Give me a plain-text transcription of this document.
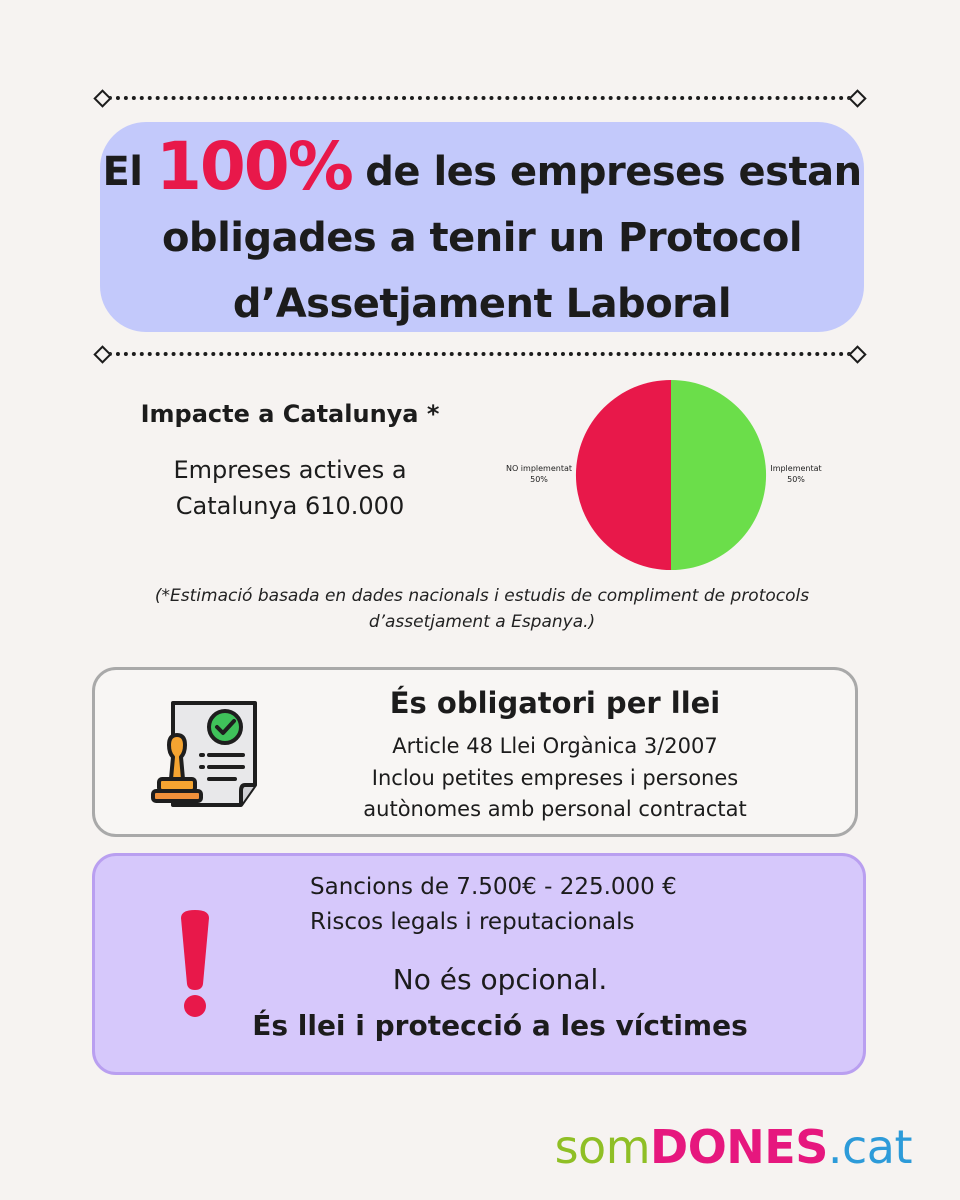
El 100% de les empreses estan
obligades a tenir un Protocol
d’Assetjament Laboral
Impacte a Catalunya *
Empreses actives a
Catalunya 610.000
NO implementat
50%
Implementat
50%
(*Estimació basada en dades nacionals i estudis de compliment de protocols
d’assetjament a Espanya.)
És obligatori per llei
Article 48 Llei Orgànica 3/2007
Inclou petites empreses i persones
autònomes amb personal contractat
Sancions de 7.500€ - 225.000 €
Riscos legals i reputacionals
No és opcional.
És llei i protecció a les víctimes
somDONES.cat
